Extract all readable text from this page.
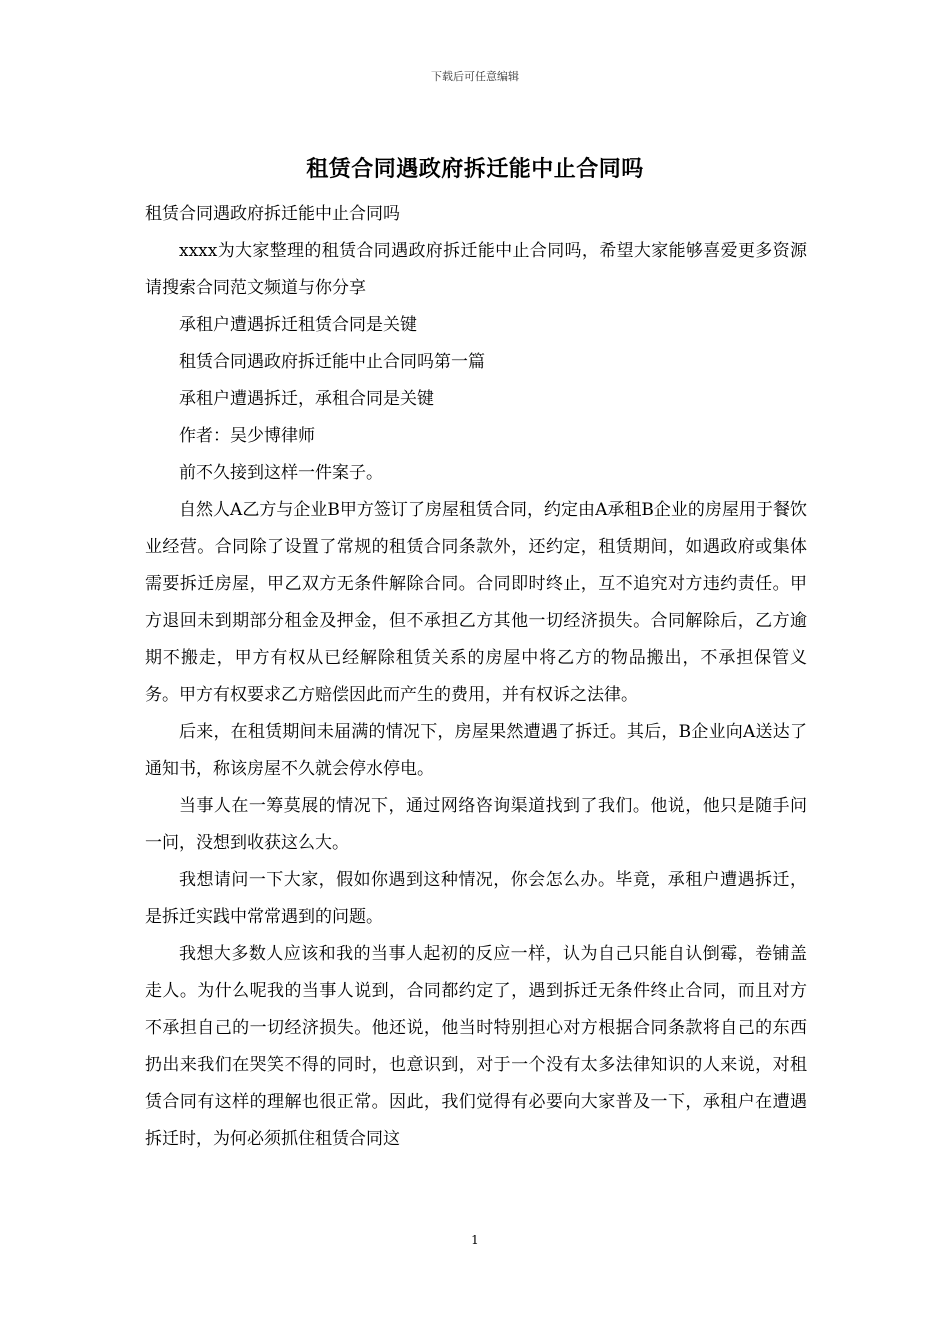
下载后可任意编辑
租赁合同遇政府拆迁能中止合同吗

租赁合同遇政府拆迁能中止合同吗

xxxx为大家整理的租赁合同遇政府拆迁能中止合同吗，希望大家能够喜爱更多资源请搜索合同范文频道与你分享

承租户遭遇拆迁租赁合同是关键

租赁合同遇政府拆迁能中止合同吗第一篇

承租户遭遇拆迁，承租合同是关键

作者：吴少博律师

前不久接到这样一件案子。

自然人A乙方与企业B甲方签订了房屋租赁合同，约定由A承租B企业的房屋用于餐饮业经营。合同除了设置了常规的租赁合同条款外，还约定，租赁期间，如遇政府或集体需要拆迁房屋，甲乙双方无条件解除合同。合同即时终止，互不追究对方违约责任。甲方退回未到期部分租金及押金，但不承担乙方其他一切经济损失。合同解除后，乙方逾期不搬走，甲方有权从已经解除租赁关系的房屋中将乙方的物品搬出，不承担保管义务。甲方有权要求乙方赔偿因此而产生的费用，并有权诉之法律。

后来，在租赁期间未届满的情况下，房屋果然遭遇了拆迁。其后，B企业向A送达了通知书，称该房屋不久就会停水停电。

当事人在一筹莫展的情况下，通过网络咨询渠道找到了我们。他说，他只是随手问一问，没想到收获这么大。

我想请问一下大家，假如你遇到这种情况，你会怎么办。毕竟，承租户遭遇拆迁，是拆迁实践中常常遇到的问题。

我想大多数人应该和我的当事人起初的反应一样，认为自己只能自认倒霉，卷铺盖走人。为什么呢我的当事人说到，合同都约定了，遇到拆迁无条件终止合同，而且对方不承担自己的一切经济损失。他还说，他当时特别担心对方根据合同条款将自己的东西扔出来我们在哭笑不得的同时，也意识到，对于一个没有太多法律知识的人来说，对租赁合同有这样的理解也很正常。因此，我们觉得有必要向大家普及一下，承租户在遭遇拆迁时，为何必须抓住租赁合同这

1
